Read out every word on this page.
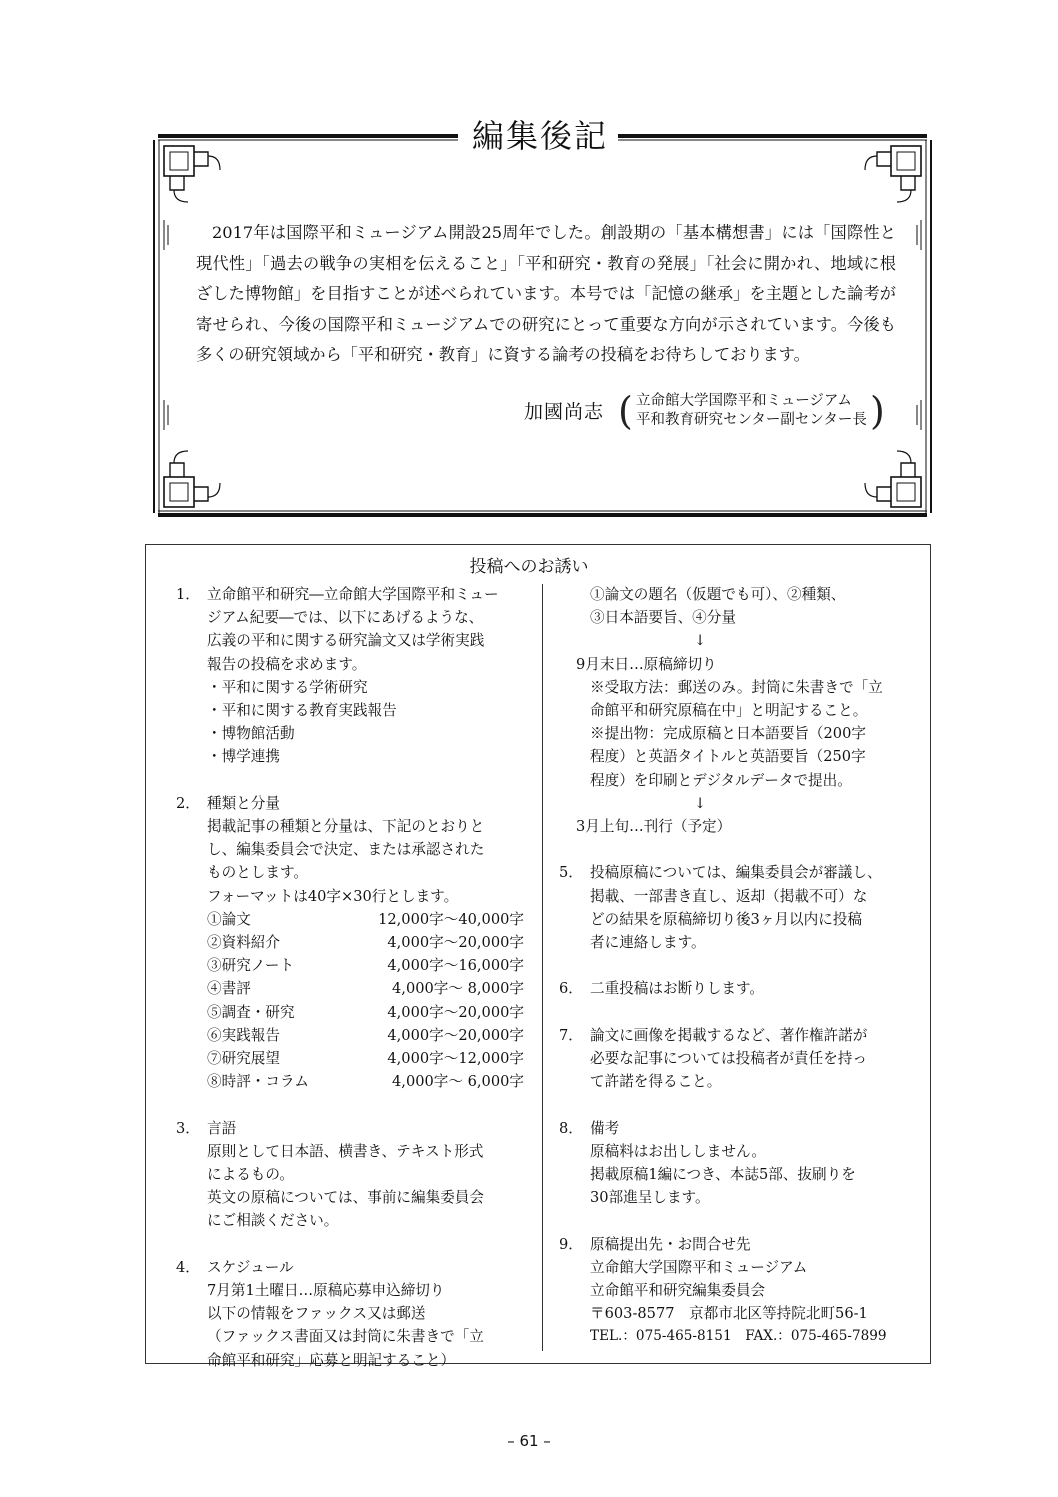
編集後記

2017年は国際平和ミュージアム開設25周年でした。創設期の「基本構想書」には「国際性と現代性」「過去の戦争の実相を伝えること」「平和研究・教育の発展」「社会に開かれ、地域に根ざした博物館」を目指すことが述べられています。本号では「記憶の継承」を主題とした論考が寄せられ、今後の国際平和ミュージアムでの研究にとって重要な方向が示されています。今後も多くの研究領域から「平和研究・教育」に資する論考の投稿をお待ちしております。

加國尚志 ( 立命館大学国際平和ミュージアム
平和教育研究センター副センター長 )
投稿へのお誘い
1． 立命館平和研究―立命館大学国際平和ミュー
ジアム紀要―では、以下にあげるような、
広義の平和に関する研究論文又は学術実践
報告の投稿を求めます。
・平和に関する学術研究
・平和に関する教育実践報告
・博物館活動
・博学連携
2． 種類と分量
掲載記事の種類と分量は、下記のとおりと
し、編集委員会で決定、または承認された
ものとします。
フォーマットは40字×30行とします。
①論文	12,000字～40,000字
②資料紹介	4,000字～20,000字
③研究ノート	4,000字～16,000字
④書評	4,000字～ 8,000字
⑤調査・研究	4,000字～20,000字
⑥実践報告	4,000字～20,000字
⑦研究展望	4,000字～12,000字
⑧時評・コラム	4,000字～ 6,000字
3． 言語
原則として日本語、横書き、テキスト形式
によるもの。
英文の原稿については、事前に編集委員会
にご相談ください。
4． スケジュール
7月第1土曜日…原稿応募申込締切り
以下の情報をファックス又は郵送
（ファックス書面又は封筒に朱書きで「立
命館平和研究」応募と明記すること）
①論文の題名（仮題でも可）、②種類、
③日本語要旨、④分量
↓
9月末日…原稿締切り
※受取方法：郵送のみ。封筒に朱書きで「立
命館平和研究原稿在中」と明記すること。
※提出物：完成原稿と日本語要旨（200字
程度）と英語タイトルと英語要旨（250字
程度）を印刷とデジタルデータで提出。
↓
3月上旬…刊行（予定）
5． 投稿原稿については、編集委員会が審議し、
掲載、一部書き直し、返却（掲載不可）な
どの結果を原稿締切り後3ヶ月以内に投稿
者に連絡します。
6． 二重投稿はお断りします。
7． 論文に画像を掲載するなど、著作権許諾が
必要な記事については投稿者が責任を持っ
て許諾を得ること。
8． 備考
原稿料はお出ししません。
掲載原稿1編につき、本誌5部、抜刷りを
30部進呈します。
9． 原稿提出先・お問合せ先
立命館大学国際平和ミュージアム
立命館平和研究編集委員会
〒603-8577　京都市北区等持院北町56-1
TEL.：075-465-8151　FAX.：075-465-7899
– 61 –
